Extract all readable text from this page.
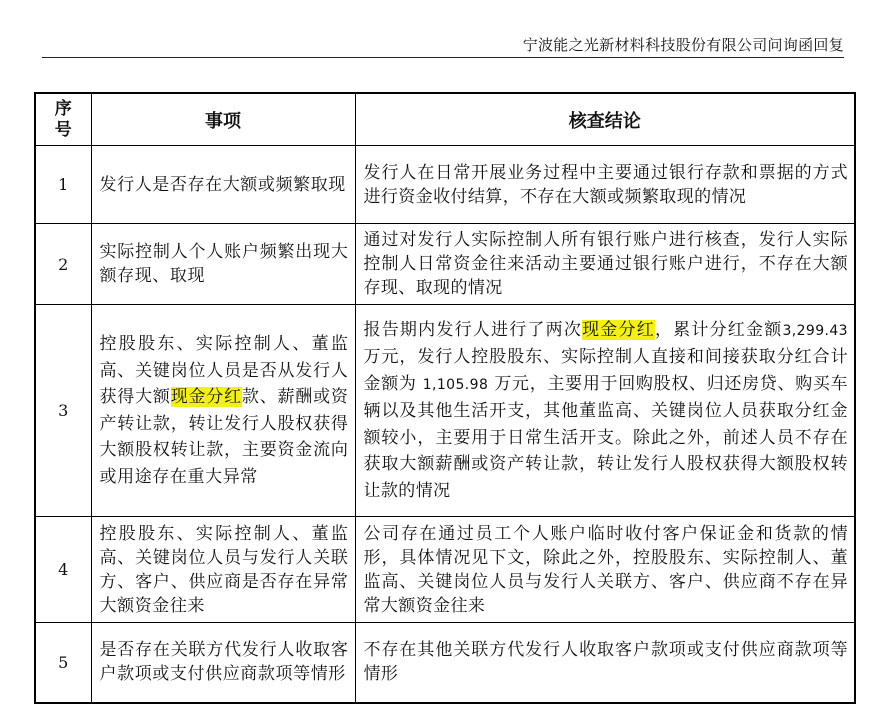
宁波能之光新材料科技股份有限公司问询函回复
序号	事项	核查结论
1	发行人是否存在大额或频繁取现	发行人在日常开展业务过程中主要通过银行存款和票据的方式进行资金收付结算，不存在大额或频繁取现的情况
2	实际控制人个人账户频繁出现大额存现、取现	通过对发行人实际控制人所有银行账户进行核查，发行人实际控制人日常资金往来活动主要通过银行账户进行，不存在大额存现、取现的情况
3	控股股东、实际控制人、董监高、关键岗位人员是否从发行人获得大额现金分红款、薪酬或资产转让款，转让发行人股权获得大额股权转让款，主要资金流向或用途存在重大异常	报告期内发行人进行了两次现金分红，累计分红金额3,299.43 万元，发行人控股股东、实际控制人直接和间接获取分红合计金额为 1,105.98 万元，主要用于回购股权、归还房贷、购买车辆以及其他生活开支，其他董监高、关键岗位人员获取分红金额较小，主要用于日常生活开支。除此之外，前述人员不存在获取大额薪酬或资产转让款，转让发行人股权获得大额股权转让款的情况
4	控股股东、实际控制人、董监高、关键岗位人员与发行人关联方、客户、供应商是否存在异常大额资金往来	公司存在通过员工个人账户临时收付客户保证金和货款的情形，具体情况见下文，除此之外，控股股东、实际控制人、董监高、关键岗位人员与发行人关联方、客户、供应商不存在异常大额资金往来
5	是否存在关联方代发行人收取客户款项或支付供应商款项等情形	不存在其他关联方代发行人收取客户款项或支付供应商款项等情形
